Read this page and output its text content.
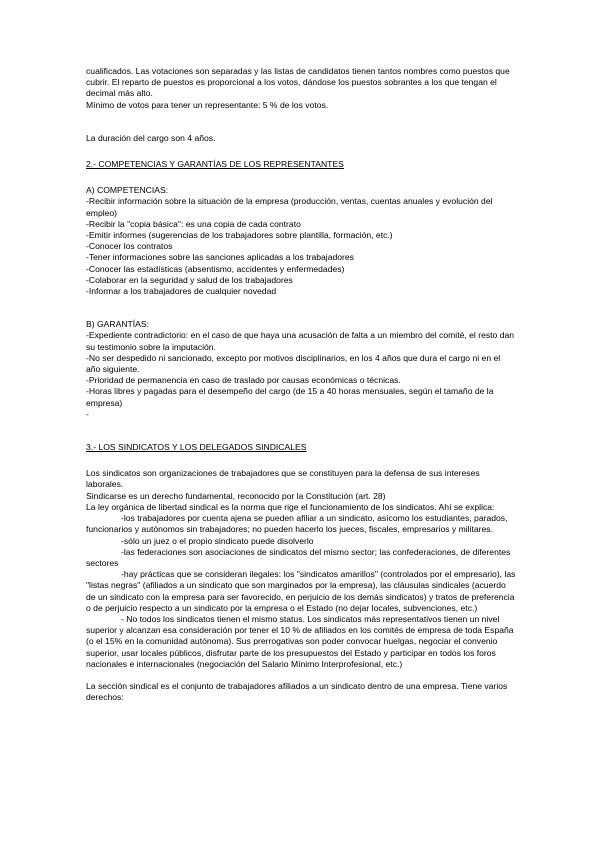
cualificados. Las votaciones son separadas y las listas de candidatos tienen tantos nombres como puestos que cubrir. El reparto de puestos es proporcional a los votos, dándose los puestos sobrantes a los que tengan el decimal más alto.

Mínimo de votos para tener un representante: 5 % de los votos.

La duración del cargo son 4 años.

2.- COMPETENCIAS Y GARANTÍAS DE LOS REPRESENTANTES

A) COMPETENCIAS:

-Recibir información sobre la situación de la empresa (producción, ventas, cuentas anuales y evolución del empleo)

-Recibir la "copia básica": es una copia de cada contrato

-Emitir informes (sugerencias de los trabajadores sobre plantilla, formación, etc.)

-Conocer los contratos

-Tener informaciones sobre las sanciones aplicadas a los trabajadores

-Conocer las estadísticas (absentismo, accidentes y enfermedades)

-Colaborar en la seguridad y salud de los trabajadores

-Informar a los trabajadores de cualquier novedad

B) GARANTÍAS:

-Expediente contradictorio: en el caso de que haya una acusación de falta a un miembro del comité, el resto dan su testimonio sobre la imputación.

-No ser despedido ni sancionado, excepto por motivos disciplinarios, en los 4 años que dura el cargo ni en el año siguiente.

-Prioridad de permanencia en caso de traslado por causas económicas o técnicas.

-Horas libres y pagadas para el desempeño del cargo (de 15 a 40 horas mensuales, según el tamaño de la empresa)

-

3.- LOS SINDICATOS Y LOS DELEGADOS SINDICALES

Los sindicatos son organizaciones de trabajadores que se constituyen para la defensa de sus intereses laborales.

Sindicarse es un derecho fundamental, reconocido por la Constitución (art. 28)

La ley orgánica de libertad sindical es la norma que rige el funcionamiento de los sindicatos. Ahí se explica:

-los trabajadores por cuenta ajena se pueden afiliar a un sindicato, asícomo los estudiantes, parados, funcionarios y autónomos sin trabajadores; no pueden hacerlo los jueces, fiscales, empresarios y militares.

-sólo un juez o el propio sindicato puede disolverlo

-las federaciones son asociaciones de sindicatos del mismo sector; las confederaciones, de diferentes sectores

-hay prácticas que se consideran ilegales: los "sindicatos amarillos" (controlados por el empresario), las "listas negras" (afiliados a un sindicato que son marginados por la empresa), las cláusulas sindicales (acuerdo de un sindicato con la empresa para ser favorecido, en perjuicio de los demás sindicatos) y tratos de preferencia o de perjuicio respecto a un sindicato por la empresa o el Estado (no dejar locales, subvenciones, etc.)

- No todos los sindicatos tienen el mismo status. Los sindicatos más representativos tienen un nivel superior y alcanzan esa consideración por tener el 10 % de afiliados en los comités de empresa de toda España (o el 15% en la comunidad autónoma). Sus prerrogativas son poder convocar huelgas, negociar el convenio superior, usar locales públicos, disfrutar parte de los presupuestos del Estado y participar en todos los foros nacionales e internacionales (negociación del Salario Mínimo Interprofesional, etc.)

La sección sindical es el conjunto de trabajadores afiliados a un sindicato dentro de una empresa. Tiene varios derechos:
